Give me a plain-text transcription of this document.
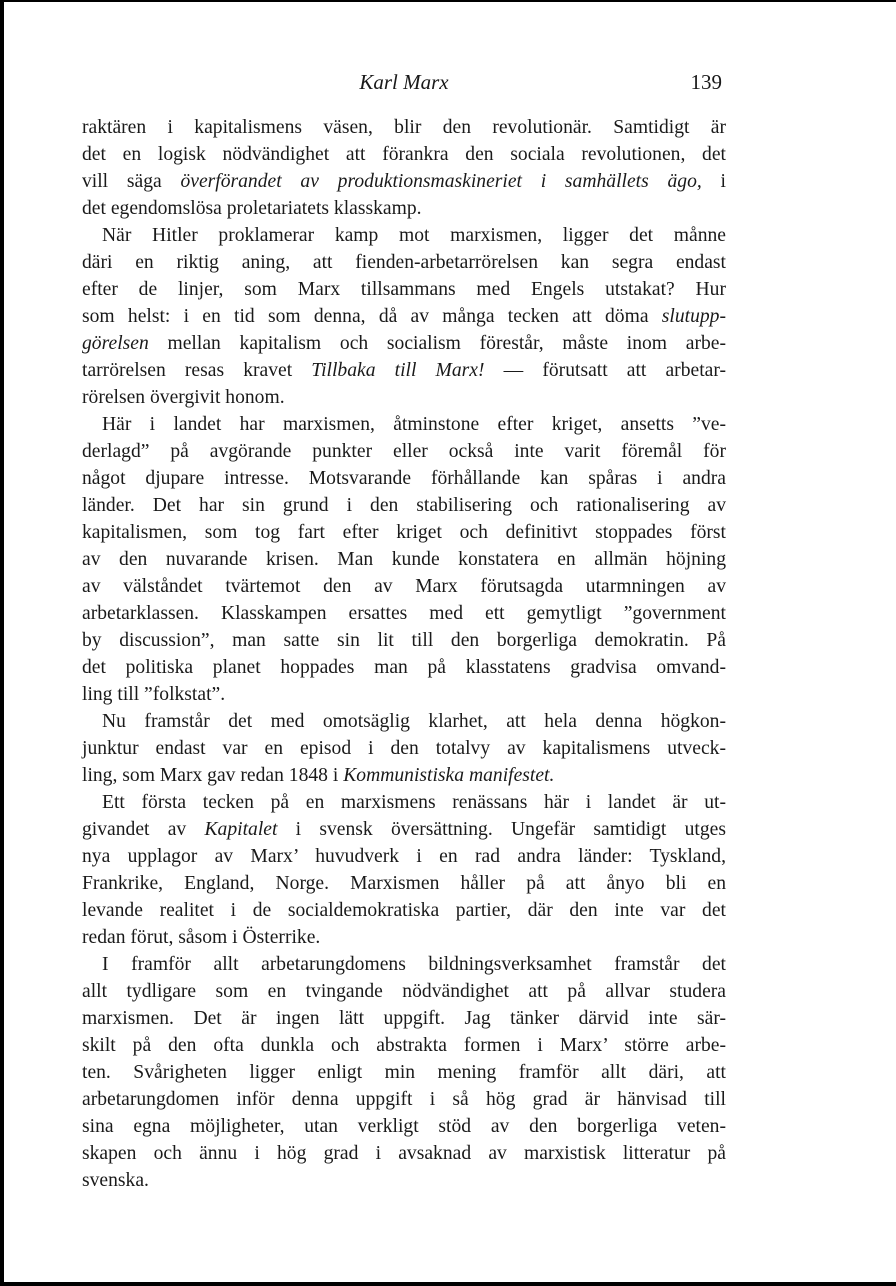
Karl Marx	139
raktären i kapitalismens väsen, blir den revolutionär. Samtidigt är
det en logisk nödvändighet att förankra den sociala revolutionen, det
vill säga överförandet av produktionsmaskineriet i samhällets ägo, i
det egendomslösa proletariatets klasskamp.
När Hitler proklamerar kamp mot marxismen, ligger det månne
däri en riktig aning, att fienden-arbetarrörelsen kan segra endast
efter de linjer, som Marx tillsammans med Engels utstakat? Hur
som helst: i en tid som denna, då av många tecken att döma slutupp-
görelsen mellan kapitalism och socialism förestår, måste inom arbe-
tarrörelsen resas kravet Tillbaka till Marx! — förutsatt att arbetar-
rörelsen övergivit honom.
Här i landet har marxismen, åtminstone efter kriget, ansetts ”ve-
derlagd” på avgörande punkter eller också inte varit föremål för
något djupare intresse. Motsvarande förhållande kan spåras i andra
länder. Det har sin grund i den stabilisering och rationalisering av
kapitalismen, som tog fart efter kriget och definitivt stoppades först
av den nuvarande krisen. Man kunde konstatera en allmän höjning
av välståndet tvärtemot den av Marx förutsagda utarmningen av
arbetarklassen. Klasskampen ersattes med ett gemytligt ”government
by discussion”, man satte sin lit till den borgerliga demokratin. På
det politiska planet hoppades man på klasstatens gradvisa omvand-
ling till ”folkstat”.
Nu framstår det med omotsäglig klarhet, att hela denna högkon-
junktur endast var en episod i den totalvy av kapitalismens utveck-
ling, som Marx gav redan 1848 i Kommunistiska manifestet.
Ett första tecken på en marxismens renässans här i landet är ut-
givandet av Kapitalet i svensk översättning. Ungefär samtidigt utges
nya upplagor av Marx’ huvudverk i en rad andra länder: Tyskland,
Frankrike, England, Norge. Marxismen håller på att ånyo bli en
levande realitet i de socialdemokratiska partier, där den inte var det
redan förut, såsom i Österrike.
I framför allt arbetarungdomens bildningsverksamhet framstår det
allt tydligare som en tvingande nödvändighet att på allvar studera
marxismen. Det är ingen lätt uppgift. Jag tänker därvid inte sär-
skilt på den ofta dunkla och abstrakta formen i Marx’ större arbe-
ten. Svårigheten ligger enligt min mening framför allt däri, att
arbetarungdomen inför denna uppgift i så hög grad är hänvisad till
sina egna möjligheter, utan verkligt stöd av den borgerliga veten-
skapen och ännu i hög grad i avsaknad av marxistisk litteratur på
svenska.
